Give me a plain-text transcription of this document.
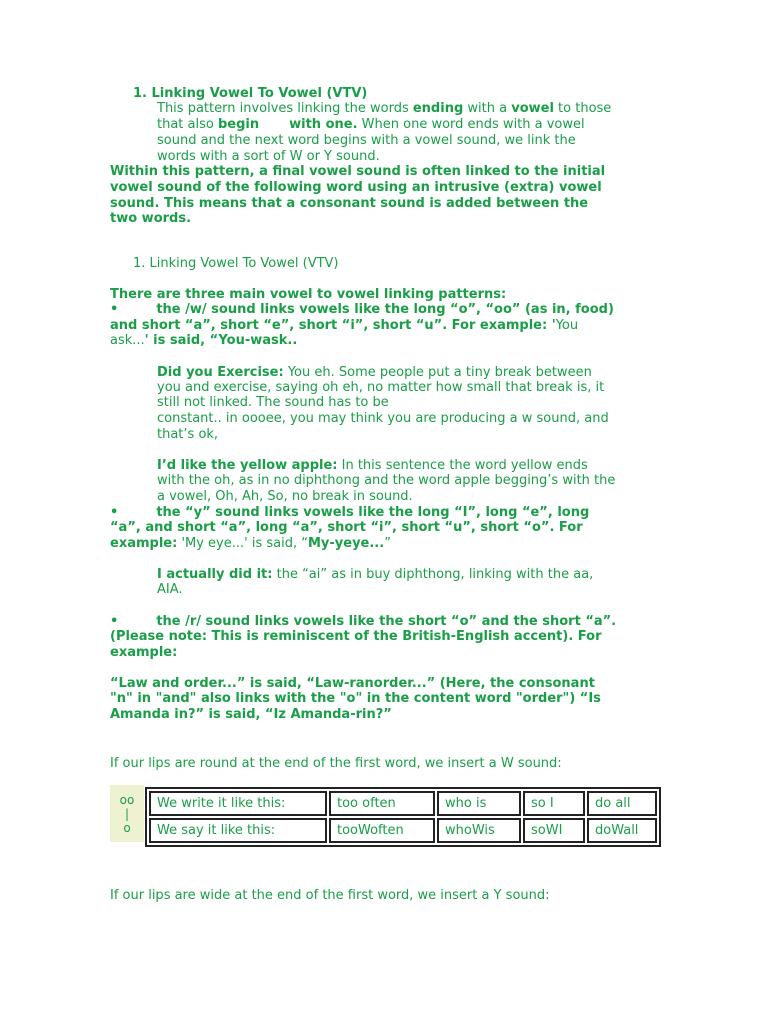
1. Linking Vowel To Vowel (VTV)
This pattern involves linking the words ending with a vowel to those
that also begin with one. When one word ends with a vowel
sound and the next word begins with a vowel sound, we link the
words with a sort of W or Y sound.
Within this pattern, a final vowel sound is often linked to the initial
vowel sound of the following word using an intrusive (extra) vowel
sound. This means that a consonant sound is added between the
two words.
1. Linking Vowel To Vowel (VTV)
There are three main vowel to vowel linking patterns:
•	the /w/ sound links vowels like the long “o”, “oo” (as in, food)
and short “a”, short “e”, short “i”, short “u”. For example: 'You
ask...' is said, “You-wask..
Did you Exercise: You eh. Some people put a tiny break between
you and exercise, saying oh eh, no matter how small that break is, it
still not linked. The sound has to be
constant.. in oooee, you may think you are producing a w sound, and
that’s ok,
I’d like the yellow apple: In this sentence the word yellow ends
with the oh, as in no diphthong and the word apple begging’s with the
a vowel, Oh, Ah, So, no break in sound.
•	the “y” sound links vowels like the long “I”, long “e”, long
“a”, and short “a”, long “a”, short “i”, short “u”, short “o”. For
example: 'My eye...' is said, “My-yeye...”
I actually did it: the “ai” as in buy diphthong, linking with the aa,
AIA.
•	the /r/ sound links vowels like the short “o” and the short “a”.
(Please note: This is reminiscent of the British-English accent). For
example:
“Law and order...” is said, “Law-ranorder...” (Here, the consonant
"n" in "and" also links with the "o" in the content word "order") “Is
Amanda in?” is said, “Iz Amanda-rin?”
If our lips are round at the end of the first word, we insert a W sound:
oo
|
o
We write it like this:	too often	who is	so I	do all
We say it like this:	tooWoften	whoWis	soWI	doWall
If our lips are wide at the end of the first word, we insert a Y sound:
